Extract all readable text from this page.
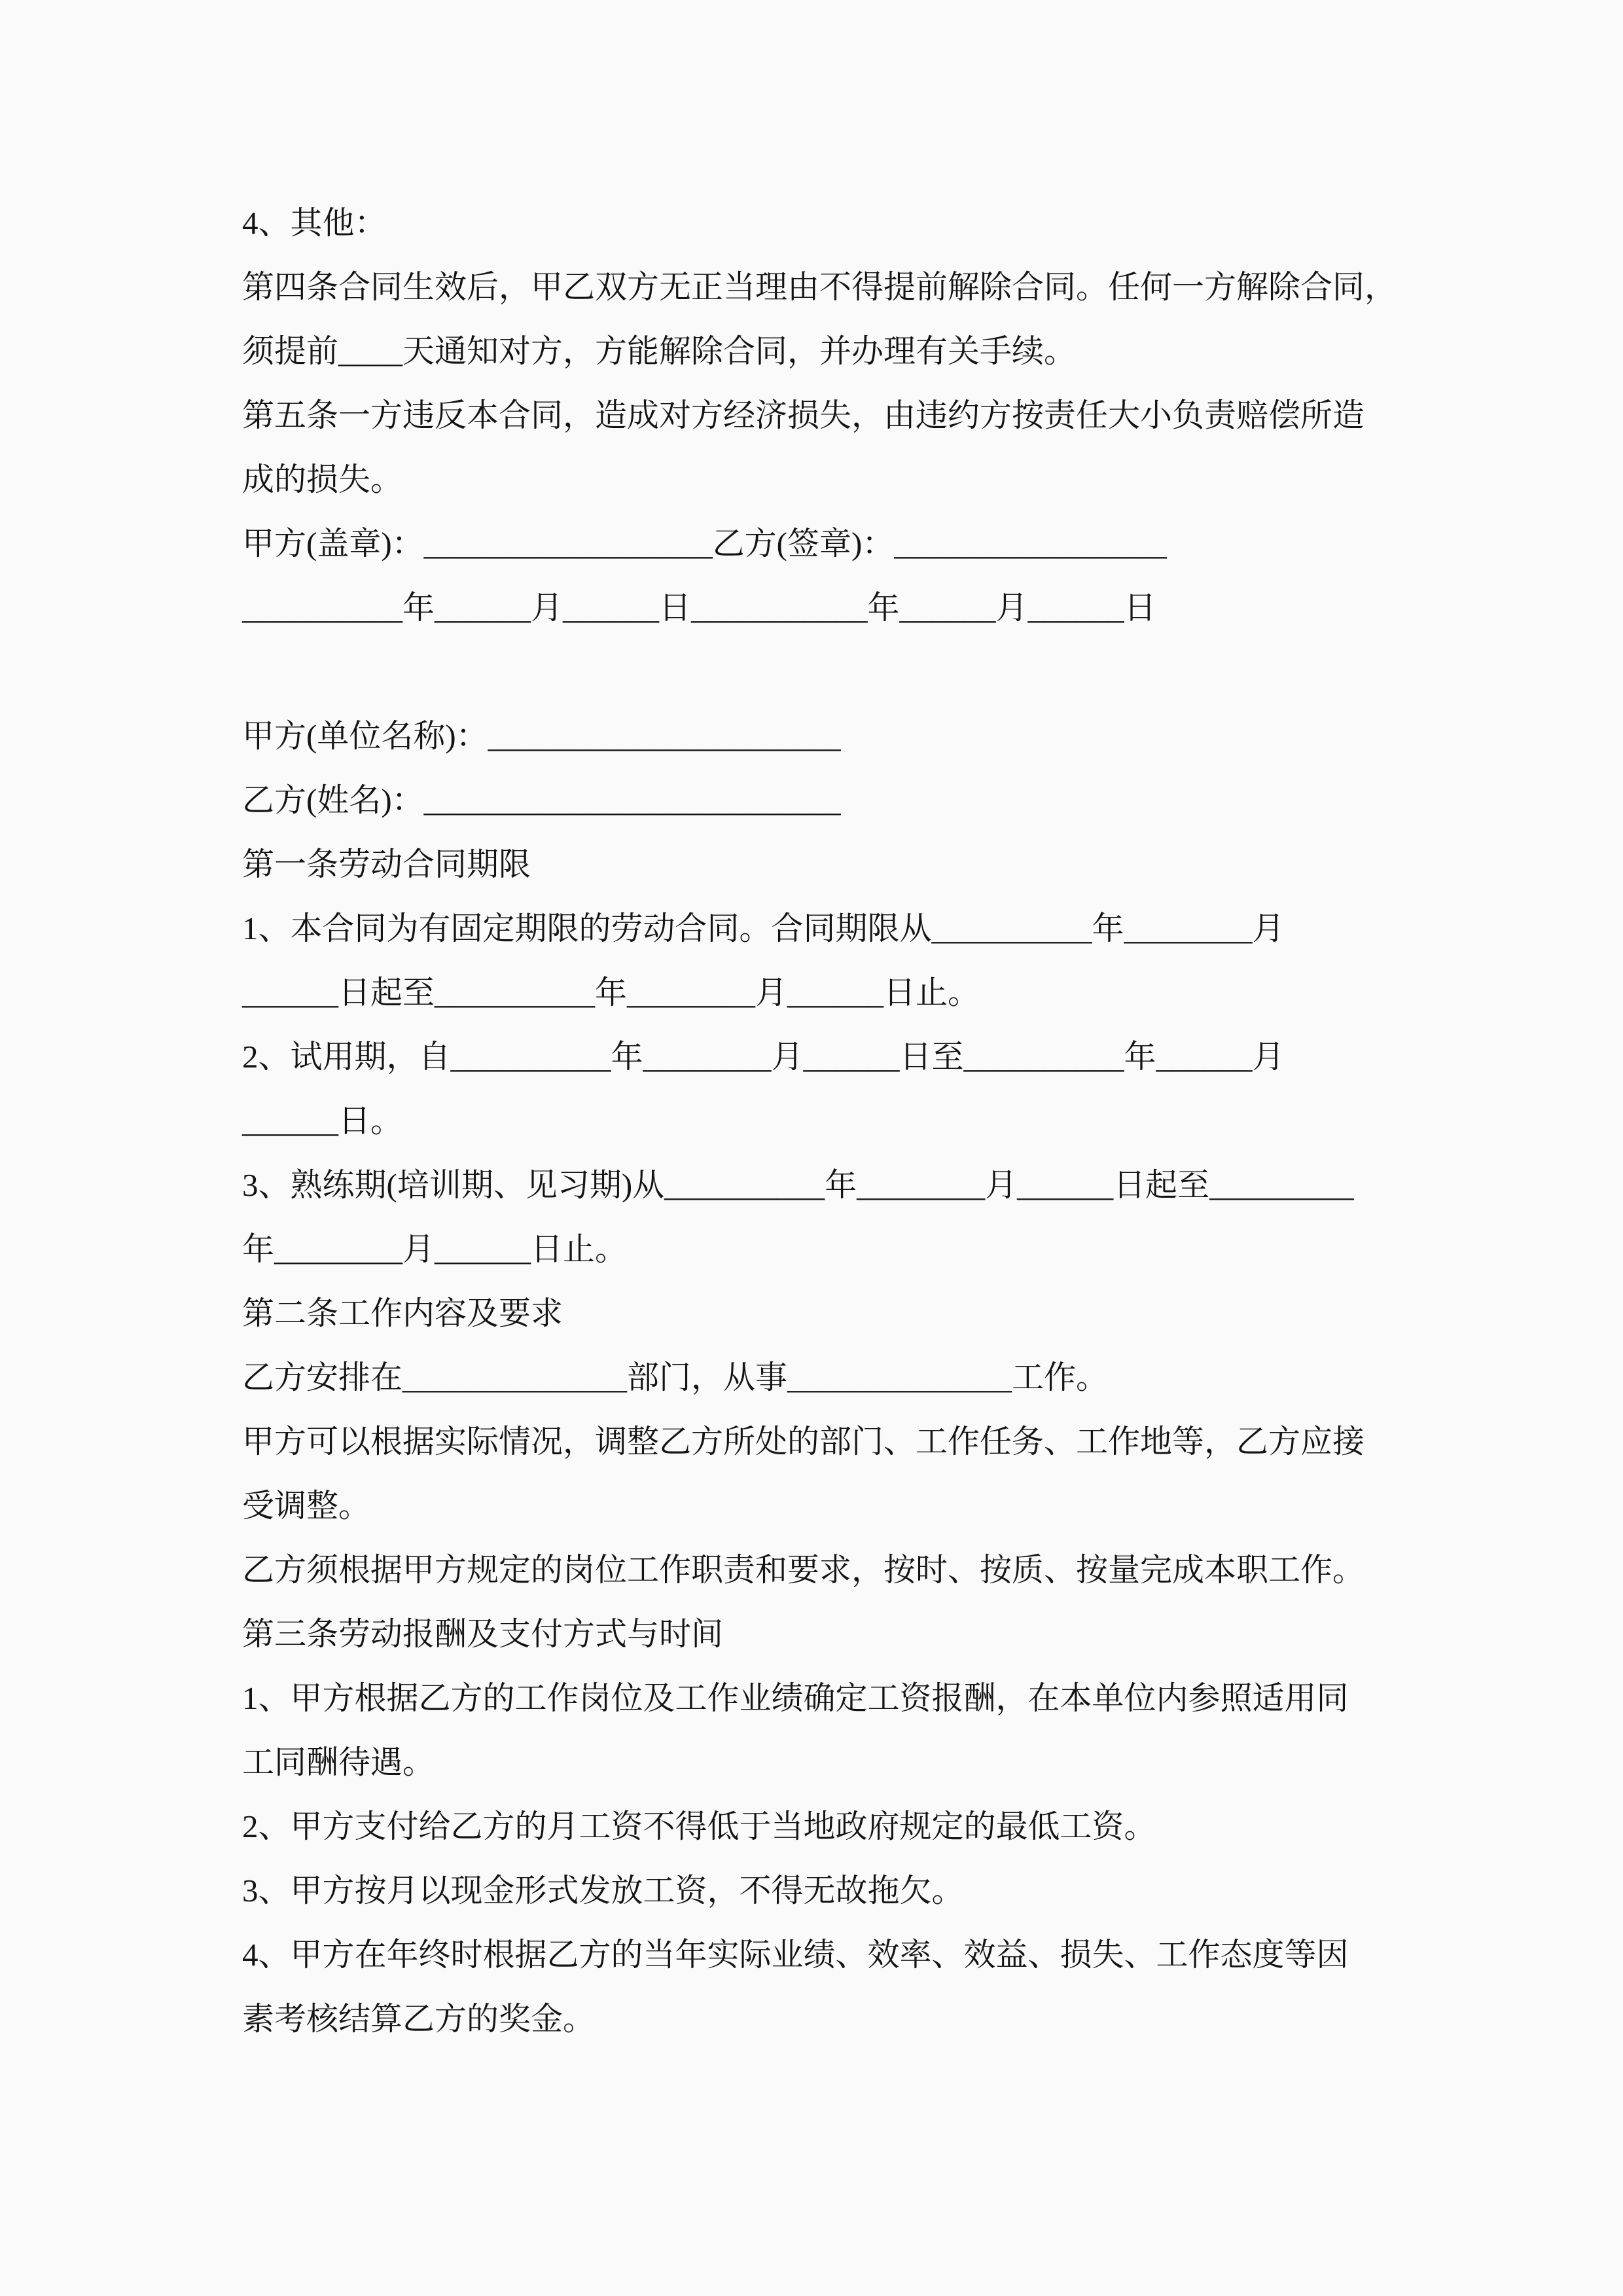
4、其他：
第四条合同生效后，甲乙双方无正当理由不得提前解除合同。任何一方解除合同，
须提前____天通知对方，方能解除合同，并办理有关手续。
第五条一方违反本合同，造成对方经济损失，由违约方按责任大小负责赔偿所造
成的损失。
甲方(盖章)：__________________乙方(签章)：_________________
__________年______月______日___________年______月______日
甲方(单位名称)：______________________
乙方(姓名)：__________________________
第一条劳动合同期限
1、本合同为有固定期限的劳动合同。合同期限从__________年________月
______日起至__________年________月______日止。
2、试用期，自__________年________月______日至__________年______月
______日。
3、熟练期(培训期、见习期)从__________年________月______日起至_________
年________月______日止。
第二条工作内容及要求
乙方安排在______________部门，从事______________工作。
甲方可以根据实际情况，调整乙方所处的部门、工作任务、工作地等，乙方应接
受调整。
乙方须根据甲方规定的岗位工作职责和要求，按时、按质、按量完成本职工作。
第三条劳动报酬及支付方式与时间
1、甲方根据乙方的工作岗位及工作业绩确定工资报酬，在本单位内参照适用同
工同酬待遇。
2、甲方支付给乙方的月工资不得低于当地政府规定的最低工资。
3、甲方按月以现金形式发放工资，不得无故拖欠。
4、甲方在年终时根据乙方的当年实际业绩、效率、效益、损失、工作态度等因
素考核结算乙方的奖金。
